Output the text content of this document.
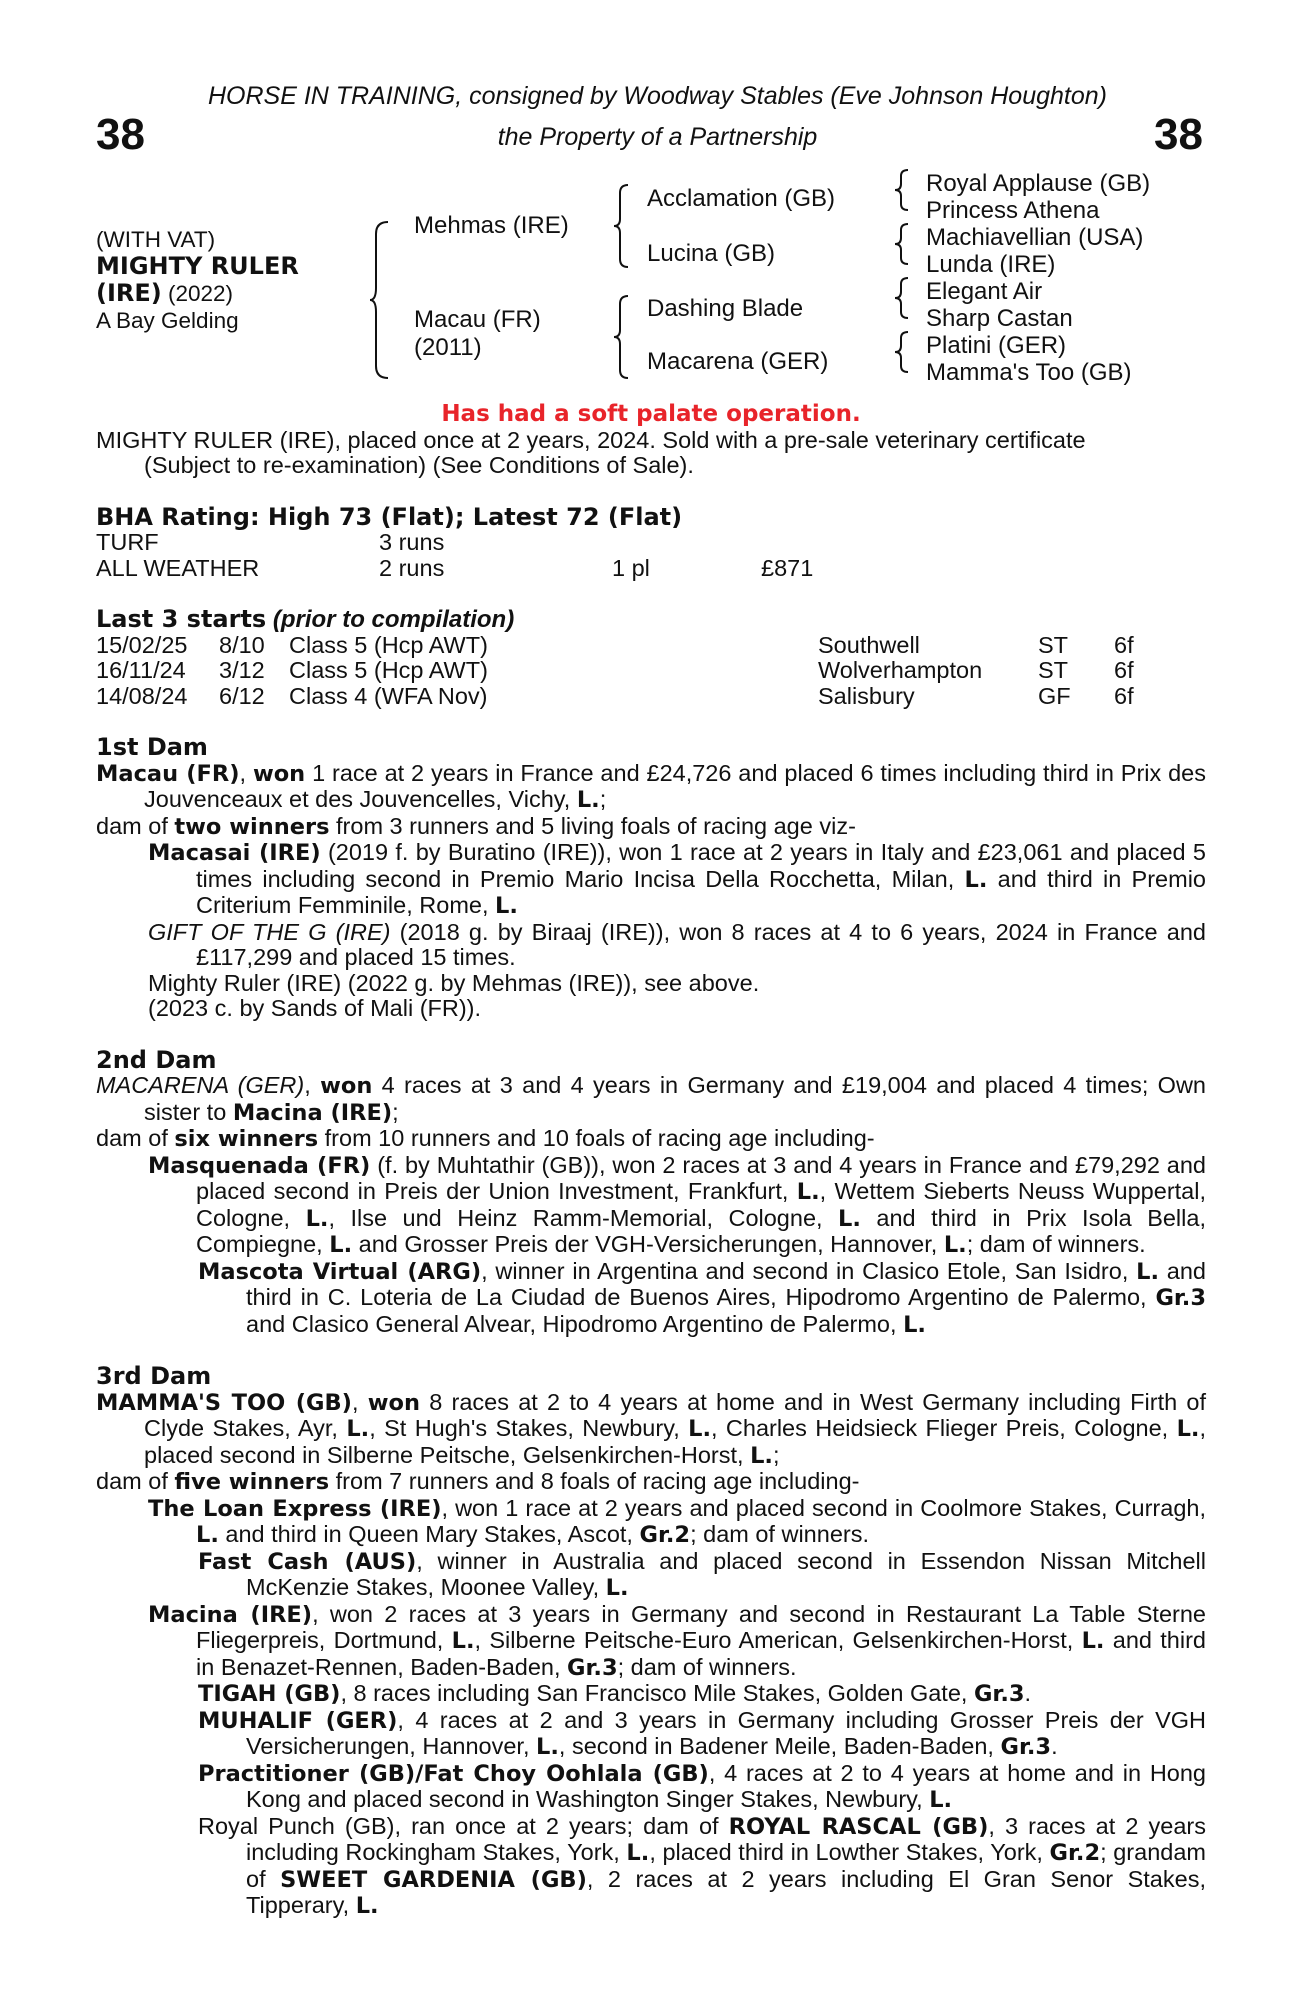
HORSE IN TRAINING, consigned by Woodway Stables (Eve Johnson Houghton)
the Property of a Partnership
38	38
(WITH VAT)
MIGHTY RULER
(IRE) (2022)
A Bay Gelding
Mehmas (IRE)
Macau (FR)
(2011)
Acclamation (GB)
Lucina (GB)
Dashing Blade
Macarena (GER)
Royal Applause (GB)
Princess Athena
Machiavellian (USA)
Lunda (IRE)
Elegant Air
Sharp Castan
Platini (GER)
Mamma's Too (GB)
Has had a soft palate operation.
MIGHTY RULER (IRE), placed once at 2 years, 2024. Sold with a pre-sale veterinary certificate
(Subject to re-examination) (See Conditions of Sale).
BHA Rating: High 73 (Flat); Latest 72 (Flat)
TURF	3 runs
ALL WEATHER	2 runs	1 pl	£871
Last 3 starts (prior to compilation)
15/02/25 8/10 Class 5 (Hcp AWT)	Southwell	ST 6f
16/11/24 3/12 Class 5 (Hcp AWT)	Wolverhampton ST 6f
14/08/24 6/12 Class 4 (WFA Nov)	Salisbury	GF 6f
1st Dam
Macau (FR), won 1 race at 2 years in France and £24,726 and placed 6 times including third in Prix des Jouvenceaux et des Jouvencelles, Vichy, L.;
dam of two winners from 3 runners and 5 living foals of racing age viz-
Macasai (IRE) (2019 f. by Buratino (IRE)), won 1 race at 2 years in Italy and £23,061 and placed 5 times including second in Premio Mario Incisa Della Rocchetta, Milan, L. and third in Premio Criterium Femminile, Rome, L.
GIFT OF THE G (IRE) (2018 g. by Biraaj (IRE)), won 8 races at 4 to 6 years, 2024 in France and £117,299 and placed 15 times.
Mighty Ruler (IRE) (2022 g. by Mehmas (IRE)), see above.
(2023 c. by Sands of Mali (FR)).
2nd Dam
MACARENA (GER), won 4 races at 3 and 4 years in Germany and £19,004 and placed 4 times; Own sister to Macina (IRE);
dam of six winners from 10 runners and 10 foals of racing age including-
Masquenada (FR) (f. by Muhtathir (GB)), won 2 races at 3 and 4 years in France and £79,292 and placed second in Preis der Union Investment, Frankfurt, L., Wettem Sieberts Neuss Wuppertal, Cologne, L., Ilse und Heinz Ramm-Memorial, Cologne, L. and third in Prix Isola Bella, Compiegne, L. and Grosser Preis der VGH-Versicherungen, Hannover, L.; dam of winners.
Mascota Virtual (ARG), winner in Argentina and second in Clasico Etole, San Isidro, L. and third in C. Loteria de La Ciudad de Buenos Aires, Hipodromo Argentino de Palermo, Gr.3 and Clasico General Alvear, Hipodromo Argentino de Palermo, L.
3rd Dam
MAMMA'S TOO (GB), won 8 races at 2 to 4 years at home and in West Germany including Firth of Clyde Stakes, Ayr, L., St Hugh's Stakes, Newbury, L., Charles Heidsieck Flieger Preis, Cologne, L., placed second in Silberne Peitsche, Gelsenkirchen-Horst, L.;
dam of five winners from 7 runners and 8 foals of racing age including-
The Loan Express (IRE), won 1 race at 2 years and placed second in Coolmore Stakes, Curragh, L. and third in Queen Mary Stakes, Ascot, Gr.2; dam of winners.
Fast Cash (AUS), winner in Australia and placed second in Essendon Nissan Mitchell McKenzie Stakes, Moonee Valley, L.
Macina (IRE), won 2 races at 3 years in Germany and second in Restaurant La Table Sterne Fliegerpreis, Dortmund, L., Silberne Peitsche-Euro American, Gelsenkirchen-Horst, L. and third in Benazet-Rennen, Baden-Baden, Gr.3; dam of winners.
TIGAH (GB), 8 races including San Francisco Mile Stakes, Golden Gate, Gr.3.
MUHALIF (GER), 4 races at 2 and 3 years in Germany including Grosser Preis der VGH Versicherungen, Hannover, L., second in Badener Meile, Baden-Baden, Gr.3.
Practitioner (GB)/Fat Choy Oohlala (GB), 4 races at 2 to 4 years at home and in Hong Kong and placed second in Washington Singer Stakes, Newbury, L.
Royal Punch (GB), ran once at 2 years; dam of ROYAL RASCAL (GB), 3 races at 2 years including Rockingham Stakes, York, L., placed third in Lowther Stakes, York, Gr.2; grandam of SWEET GARDENIA (GB), 2 races at 2 years including El Gran Senor Stakes, Tipperary, L.
